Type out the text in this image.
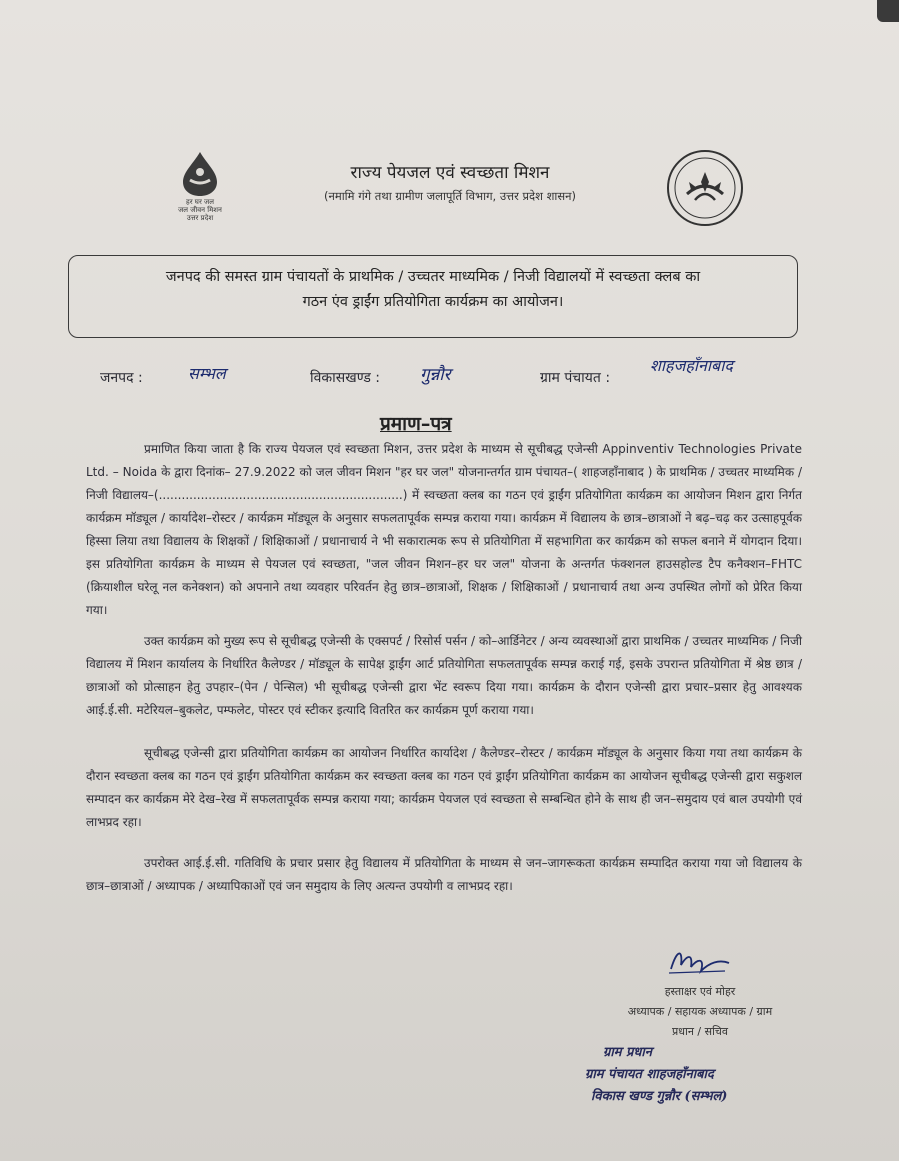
हर घर जल
जल जीवन मिशन
उत्तर प्रदेश
राज्य पेयजल एवं स्वच्छता मिशन
(नमामि गंगे तथा ग्रामीण जलापूर्ति विभाग, उत्तर प्रदेश शासन)
जनपद की समस्त ग्राम पंचायतों के प्राथमिक / उच्चतर माध्यमिक / निजी विद्यालयों में स्वच्छता क्लब का
गठन एंव ड्राईंग प्रतियोगिता कार्यक्रम का आयोजन।
जनपद :	सम्भल	विकासखण्ड : गुन्नौर	ग्राम पंचायत :
शाहजहाँनाबाद
प्रमाण–पत्र
प्रमाणित किया जाता है कि राज्य पेयजल एवं स्वच्छता मिशन, उत्तर प्रदेश के माध्यम से सूचीबद्ध एजेन्सी Appinventiv Technologies Private Ltd. – Noida के द्वारा दिनांक– 27.9.2022 को जल जीवन मिशन "हर घर जल" योजनान्तर्गत ग्राम पंचायत–( शाहजहाँनाबाद ) के प्राथमिक / उच्चतर माध्यमिक / निजी विद्यालय–(................................................................) में स्वच्छता क्लब का गठन एवं ड्राईंग प्रतियोगिता कार्यक्रम का आयोजन मिशन द्वारा निर्गत कार्यक्रम मॉड्यूल / कार्यादेश–रोस्टर / कार्यक्रम मॉड्यूल के अनुसार सफलतापूर्वक सम्पन्न कराया गया। कार्यक्रम में विद्यालय के छात्र–छात्राओं ने बढ़–चढ़ कर उत्साहपूर्वक हिस्सा लिया तथा विद्यालय के शिक्षकों / शिक्षिकाओं / प्रधानाचार्य ने भी सकारात्मक रूप से प्रतियोगिता में सहभागिता कर कार्यक्रम को सफल बनाने में योगदान दिया। इस प्रतियोगिता कार्यक्रम के माध्यम से पेयजल एवं स्वच्छता, "जल जीवन मिशन–हर घर जल" योजना के अन्तर्गत फंक्शनल हाउसहोल्ड टैप कनैक्शन–FHTC (क्रियाशील घरेलू नल कनेक्शन) को अपनाने तथा व्यवहार परिवर्तन हेतु छात्र–छात्राओं, शिक्षक / शिक्षिकाओं / प्रधानाचार्य तथा अन्य उपस्थित लोगों को प्रेरित किया गया।
उक्त कार्यक्रम को मुख्य रूप से सूचीबद्ध एजेन्सी के एक्सपर्ट / रिसोर्स पर्सन / को–आर्डिनेटर / अन्य व्यवस्थाओं द्वारा प्राथमिक / उच्चतर माध्यमिक / निजी विद्यालय में मिशन कार्यालय के निर्धारित कैलेण्डर / मॉड्यूल के सापेक्ष ड्राईंग आर्ट प्रतियोगिता सफलतापूर्वक सम्पन्न कराई गई, इसके उपरान्त प्रतियोगिता में श्रेष्ठ छात्र / छात्राओं को प्रोत्साहन हेतु उपहार–(पेन / पेन्सिल) भी सूचीबद्ध एजेन्सी द्वारा भेंट स्वरूप दिया गया। कार्यक्रम के दौरान एजेन्सी द्वारा प्रचार–प्रसार हेतु आवश्यक आई.ई.सी. मटेरियल–बुकलेट, पम्फलेट, पोस्टर एवं स्टीकर इत्यादि वितरित कर कार्यक्रम पूर्ण कराया गया।
सूचीबद्ध एजेन्सी द्वारा प्रतियोगिता कार्यक्रम का आयोजन निर्धारित कार्यादेश / कैलेण्डर–रोस्टर / कार्यक्रम मॉड्यूल के अनुसार किया गया तथा कार्यक्रम के दौरान स्वच्छता क्लब का गठन एवं ड्राईंग प्रतियोगिता कार्यक्रम कर स्वच्छता क्लब का गठन एवं ड्राईंग प्रतियोगिता कार्यक्रम का आयोजन सूचीबद्ध एजेन्सी द्वारा सकुशल सम्पादन कर कार्यक्रम मेरे देख–रेख में सफलतापूर्वक सम्पन्न कराया गया; कार्यक्रम पेयजल एवं स्वच्छता से सम्बन्धित होने के साथ ही जन–समुदाय एवं बाल उपयोगी एवं लाभप्रद रहा।
उपरोक्त आई.ई.सी. गतिविधि के प्रचार प्रसार हेतु विद्यालय में प्रतियोगिता के माध्यम से जन–जागरूकता कार्यक्रम सम्पादित कराया गया जो विद्यालय के छात्र–छात्राओं / अध्यापक / अध्यापिकाओं एवं जन समुदाय के लिए अत्यन्त उपयोगी व लाभप्रद रहा।
हस्ताक्षर एवं मोहर
अध्यापक / सहायक अध्यापक / ग्राम
प्रधान / सचिव
ग्राम प्रधान
ग्राम पंचायत शाहजहाँनाबाद
विकास खण्ड गुन्नौर (सम्भल)
